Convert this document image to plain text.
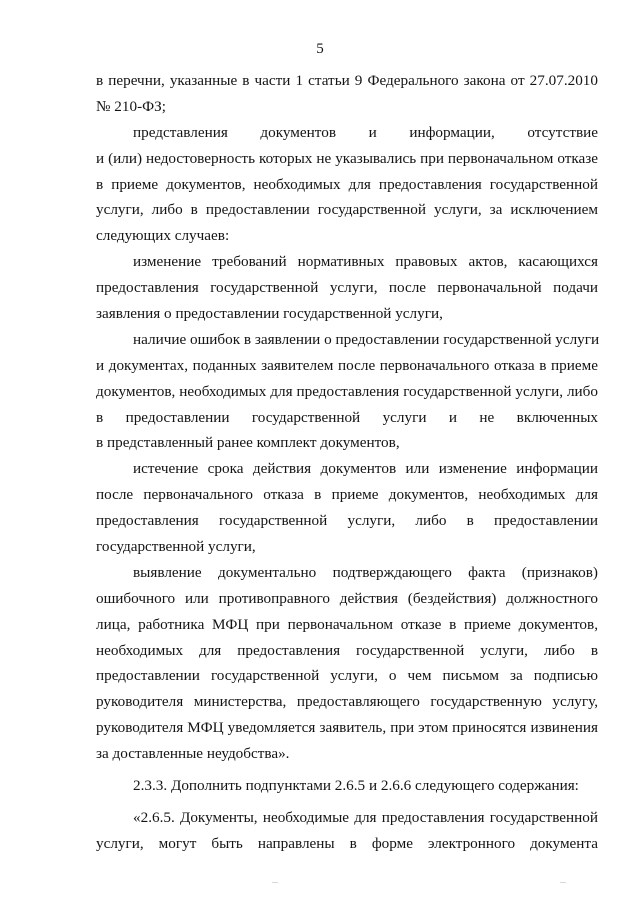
5
в перечни, указанные в части 1 статьи 9 Федерального закона от 27.07.2010
№ 210-ФЗ;
представления документов и информации, отсутствие
и (или) недостоверность которых не указывались при первоначальном отказе
в приеме документов, необходимых для предоставления государственной
услуги, либо в предоставлении государственной услуги, за исключением
следующих случаев:
изменение требований нормативных правовых актов, касающихся
предоставления государственной услуги, после первоначальной подачи
заявления о предоставлении государственной услуги,
наличие ошибок в заявлении о предоставлении государственной услуги
и документах, поданных заявителем после первоначального отказа в приеме
документов, необходимых для предоставления государственной услуги, либо
в предоставлении государственной услуги и не включенных
в представленный ранее комплект документов,
истечение срока действия документов или изменение информации
после первоначального отказа в приеме документов, необходимых для
предоставления государственной услуги, либо в предоставлении
государственной услуги,
выявление документально подтверждающего факта (признаков)
ошибочного или противоправного действия (бездействия) должностного
лица, работника МФЦ при первоначальном отказе в приеме документов,
необходимых для предоставления государственной услуги, либо в
предоставлении государственной услуги, о чем письмом за подписью
руководителя министерства, предоставляющего государственную услугу,
руководителя МФЦ уведомляется заявитель, при этом приносятся извинения
за доставленные неудобства».
2.3.3. Дополнить подпунктами 2.6.5 и 2.6.6 следующего содержания:
«2.6.5. Документы, необходимые для предоставления государственной
услуги, могут быть направлены в форме электронного документа
...	...
